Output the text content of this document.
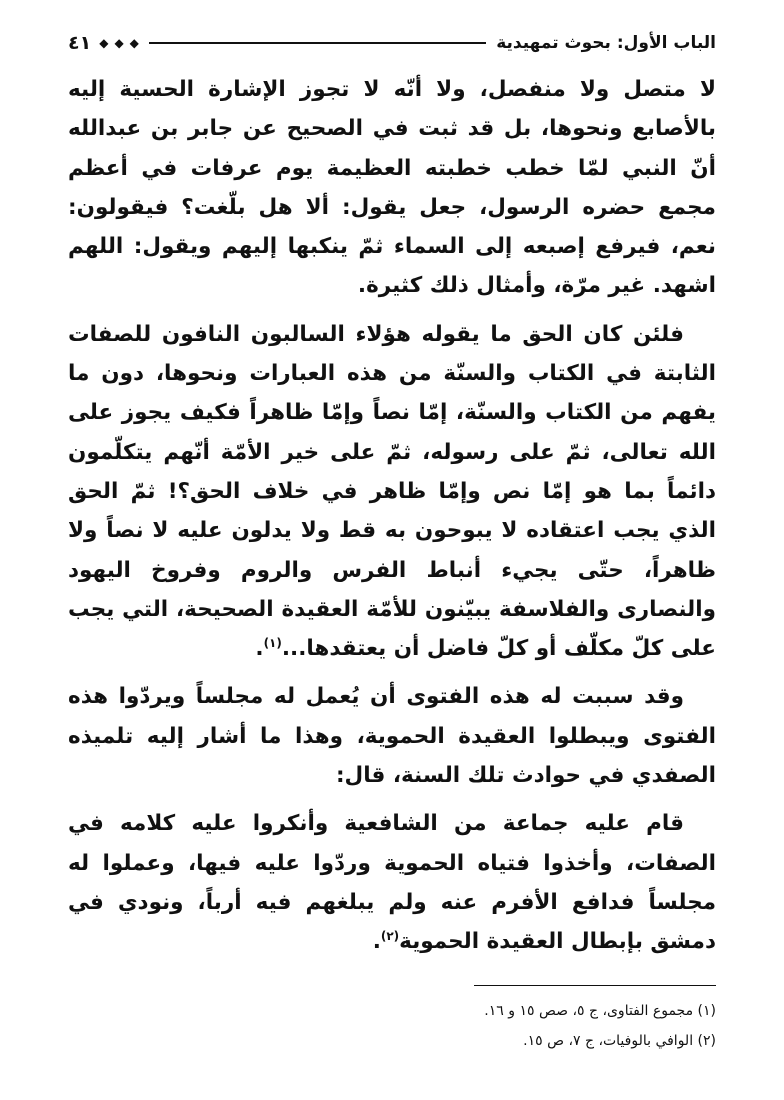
الباب الأول: بحوث تمهيدية
◆ ◆ ◆
٤١

لا متصل ولا منفصل، ولا أنّه لا تجوز الإشارة الحسية إليه بالأصابع ونحوها، بل قد ثبت في الصحيح عن جابر بن عبدالله أنّ النبي لمّا خطب خطبته العظيمة يوم عرفات في أعظم مجمع حضره الرسول، جعل يقول: ألا هل بلّغت؟ فيقولون: نعم، فيرفع إصبعه إلى السماء ثمّ ينكبها إليهم ويقول: اللهم اشهد. غير مرّة، وأمثال ذلك كثيرة.

فلئن كان الحق ما يقوله هؤلاء السالبون النافون للصفات الثابتة في الكتاب والسنّة من هذه العبارات ونحوها، دون ما يفهم من الكتاب والسنّة، إمّا نصاً وإمّا ظاهراً فكيف يجوز على الله تعالى، ثمّ على رسوله، ثمّ على خير الأمّة أنّهم يتكلّمون دائماً بما هو إمّا نص وإمّا ظاهر في خلاف الحق؟! ثمّ الحق الذي يجب اعتقاده لا يبوحون به قط ولا يدلون عليه لا نصاً ولا ظاهراً، حتّى يجيء أنباط الفرس والروم وفروخ اليهود والنصارى والفلاسفة يبيّنون للأمّة العقيدة الصحيحة، التي يجب على كلّ مكلّف أو كلّ فاضل أن يعتقدها...$^{(١)}$.

وقد سببت له هذه الفتوى أن يُعمل له مجلساً ويردّوا هذه الفتوى ويبطلوا العقيدة الحموية، وهذا ما أشار إليه تلميذه الصفدي في حوادث تلك السنة، قال:

قام عليه جماعة من الشافعية وأنكروا عليه كلامه في الصفات، وأخذوا فتياه الحموية وردّوا عليه فيها، وعملوا له مجلساً فدافع الأفرم عنه ولم يبلغهم فيه أرباً، ونودي في دمشق بإبطال العقيدة الحموية$^{(٢)}$.

(١) مجموع الفتاوى، ج ٥، صص ١٥ و ١٦.
(٢) الوافي بالوفيات، ج ٧، ص ١٥.
